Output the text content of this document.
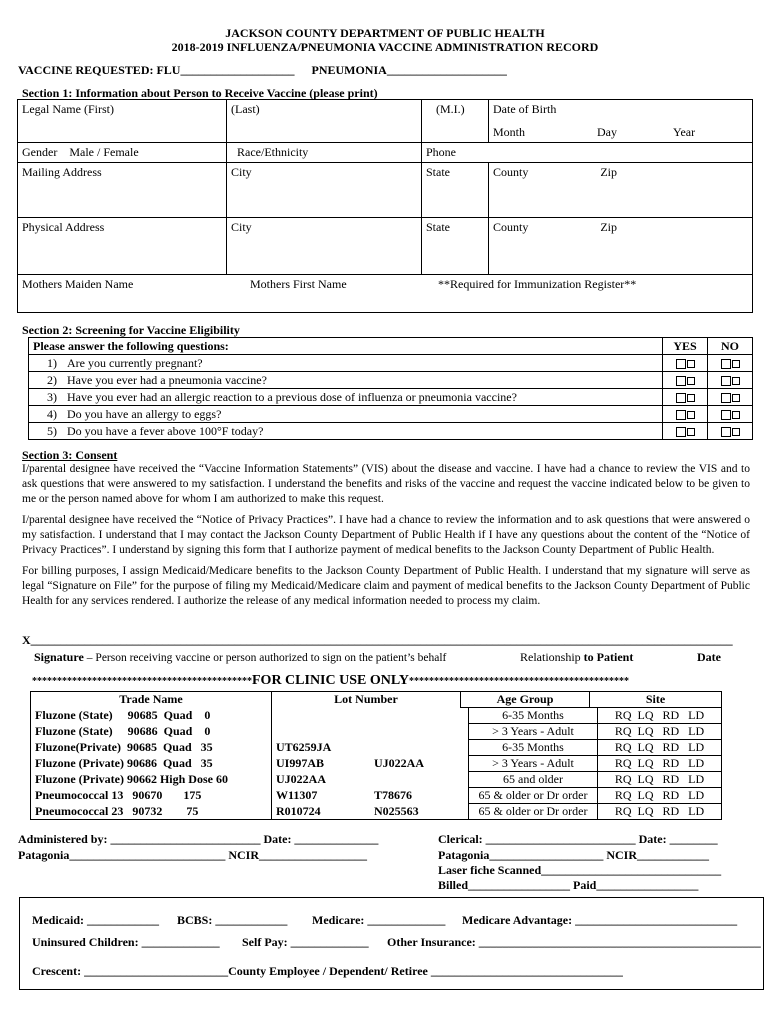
JACKSON COUNTY DEPARTMENT OF PUBLIC HEALTH
2018-2019 INFLUENZA/PNEUMONIA VACCINE ADMINISTRATION RECORD
VACCINE REQUESTED: FLU___________________ PNEUMONIA____________________
Section 1: Information about Person to Receive Vaccine (please print)
Legal Name (First)	(Last)	(M.I.)	Date of Birth
Month Day Year

Gender Male / Female	Race/Ethnicity	Phone	
Mailing Address	City	State	County Zip
Physical Address	City	State	County Zip
Mothers Maiden Name Mothers First Name **Required for Immunization Register**			
Section 2: Screening for Vaccine Eligibility
Please answer the following questions:	YES	NO
1) Are you currently pregnant?		
2) Have you ever had a pneumonia vaccine?		
3) Have you ever had an allergic reaction to a previous dose of influenza or pneumonia vaccine?		
4) Do you have an allergy to eggs?		
5) Do you have a fever above 100°F today?		
Section 3: Consent

I/parental designee have received the “Vaccine Information Statements” (VIS) about the disease and vaccine. I have had a chance to review the VIS and to ask questions that were answered to my satisfaction. I understand the benefits and risks of the vaccine and request the vaccine indicated below to be given to me or the person named above for whom I am authorized to make this request.

I/parental designee have received the “Notice of Privacy Practices”. I have had a chance to review the information and to ask questions that were answered o my satisfaction. I understand that I may contact the Jackson County Department of Public Health if I have any questions about the content of the “Notice of Privacy Practices”. I understand by signing this form that I authorize payment of medical benefits to the Jackson County Department of Public Health.

For billing purposes, I assign Medicaid/Medicare benefits to the Jackson County Department of Public Health. I understand that my signature will serve as legal “Signature on File” for the purpose of filing my Medicaid/Medicare claim and payment of medical benefits to the Jackson County Department of Public Health for any services rendered. I authorize the release of any medical information needed to process my claim.

X_____________________________________________________________________________________________________________________
Signature – Person receiving vaccine or person authorized to sign on the patient’s behalf	Relationship to Patient	Date
********************************************FOR CLINIC USE ONLY********************************************
Trade Name	Lot Number	Age Group	Site
Fluzone (State)     90685  Quad    0			6-35 Months	RQ  LQ   RD   LD
Fluzone (State)     90686  Quad    0			> 3 Years - Adult	RQ  LQ   RD   LD
Fluzone(Private)  90685  Quad   35	UT6259JA		6-35 Months	RQ  LQ   RD   LD
Fluzone (Private) 90686  Quad   35	UI997AB	UJ022AA	> 3 Years - Adult	RQ  LQ   RD   LD
Fluzone (Private) 90662 High Dose 60	UJ022AA		65 and older	RQ  LQ   RD   LD
Pneumococcal 13   90670       175	W11307	T78676	65 & older or Dr order	RQ  LQ   RD   LD
Pneumococcal 23   90732        75	R010724	N025563	65 & older or Dr order	RQ  LQ   RD   LD
Administered by: _________________________ Date: ______________
Patagonia__________________________ NCIR__________________
Clerical: _________________________ Date: ________
Patagonia___________________ NCIR____________
Laser fiche Scanned______________________________
Billed_________________ Paid_________________
Medicaid: ____________ BCBS: ____________ Medicare: _____________ Medicare Advantage: ___________________________
Uninsured Children: _____________ Self Pay: _____________ Other Insurance: _______________________________________________
Crescent: ________________________County Employee / Dependent/ Retiree ________________________________
